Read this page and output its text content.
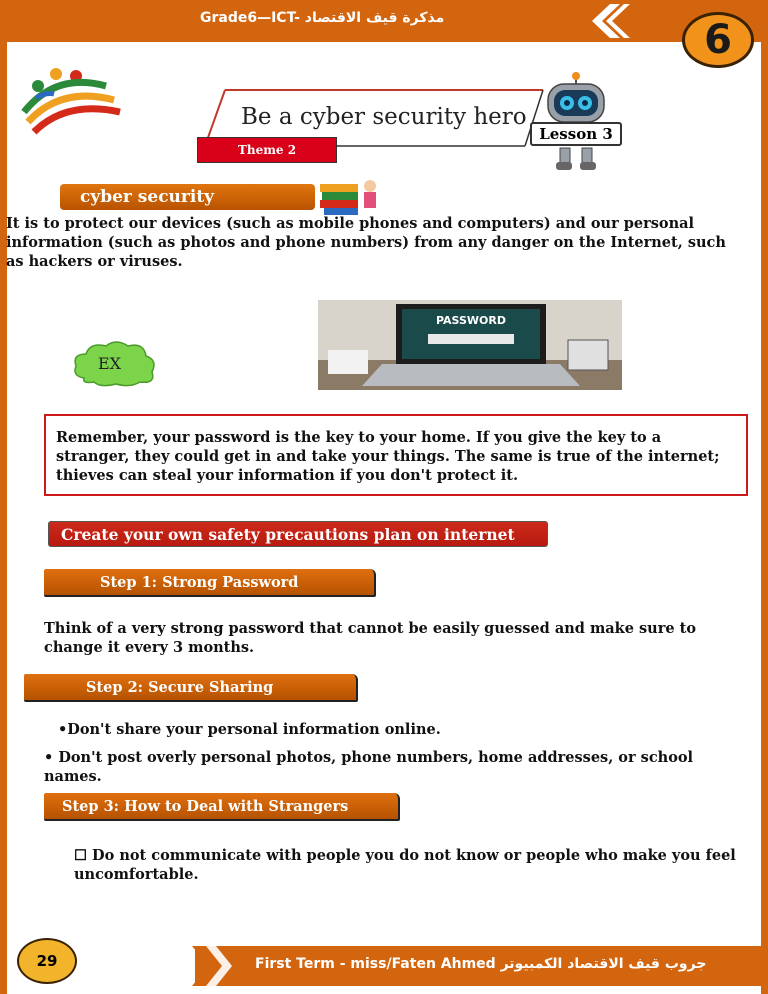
Grade6—ICT- مذكرة قيف الاقتصاد	6
Be a cyber security hero
Theme 2
Lesson 3
cyber security
It is to protect our devices (such as mobile phones and computers) and our personal information (such as photos and phone numbers) from any danger on the Internet, such as hackers or viruses.
PASSWORD
EX
Remember, your password is the key to your home. If you give the key to a stranger, they could get in and take your things. The same is true of the internet; thieves can steal your information if you don't protect it.
Create your own safety precautions plan on internet
Step 1: Strong Password
Think of a very strong password that cannot be easily guessed and make sure to change it every 3 months.
Step 2: Secure Sharing
•Don't share your personal information online.
• Don't post overly personal photos, phone numbers, home addresses, or school names.
Step 3: How to Deal with Strangers
☐ Do not communicate with people you do not know or people who make you feel uncomfortable.
First Term - miss/Faten Ahmed جروب قيف الاقتصاد الكمبيوتر
29
